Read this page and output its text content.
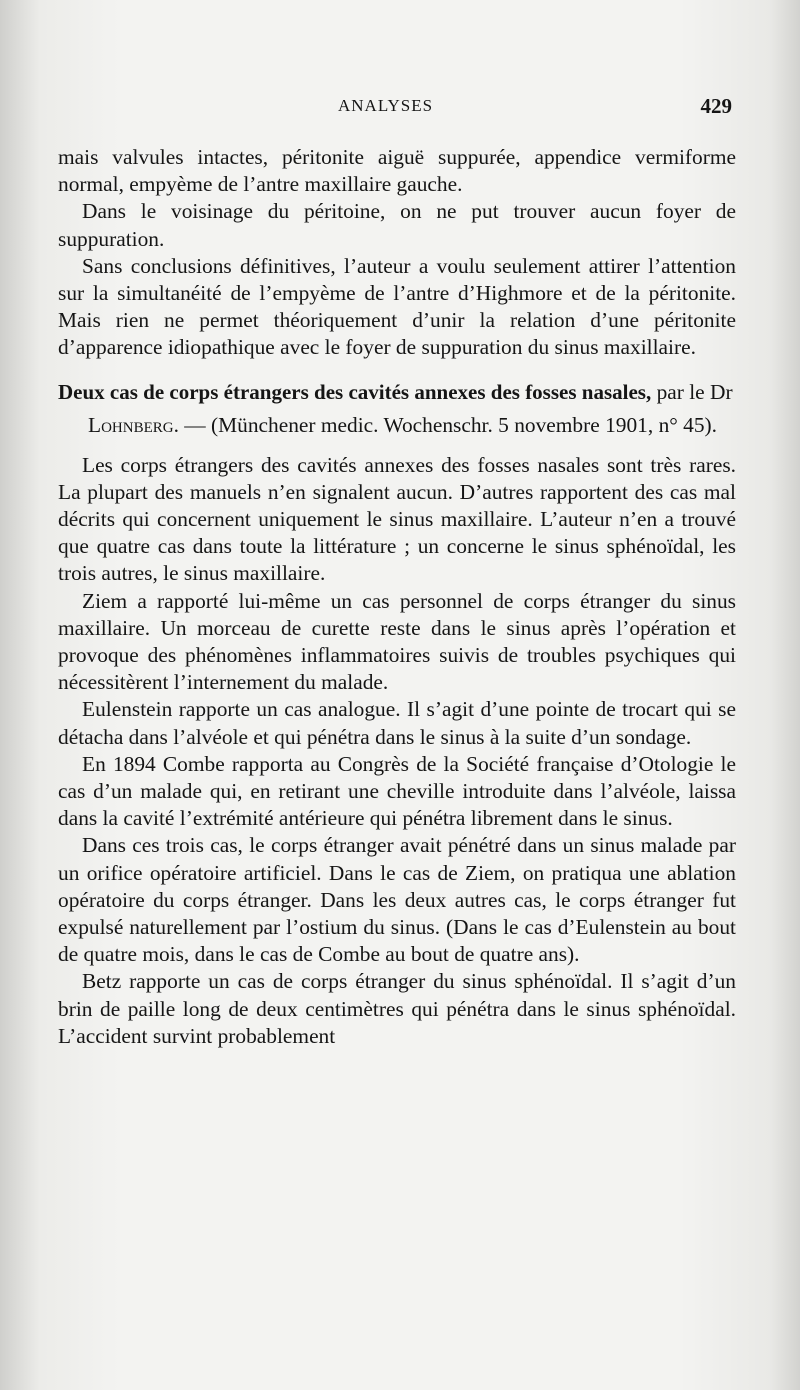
ANALYSES	429

mais valvules intactes, péritonite aiguë suppurée, appendice vermiforme normal, empyème de l’antre maxillaire gauche.

Dans le voisinage du péritoine, on ne put trouver aucun foyer de suppuration.

Sans conclusions définitives, l’auteur a voulu seulement attirer l’attention sur la simultanéité de l’empyème de l’antre d’Highmore et de la péritonite. Mais rien ne permet théoriquement d’unir la relation d’une péritonite d’apparence idiopathique avec le foyer de suppuration du sinus maxillaire.

Deux cas de corps étrangers des cavités annexes des fosses nasales, par le Dr Lohnberg. — (Münchener medic. Wochenschr. 5 novembre 1901, n° 45).

Les corps étrangers des cavités annexes des fosses nasales sont très rares. La plupart des manuels n’en signalent aucun. D’autres rapportent des cas mal décrits qui concernent uniquement le sinus maxillaire. L’auteur n’en a trouvé que quatre cas dans toute la littérature ; un concerne le sinus sphénoïdal, les trois autres, le sinus maxillaire.

Ziem a rapporté lui-même un cas personnel de corps étranger du sinus maxillaire. Un morceau de curette reste dans le sinus après l’opération et provoque des phénomènes inflammatoires suivis de troubles psychiques qui nécessitèrent l’internement du malade.

Eulenstein rapporte un cas analogue. Il s’agit d’une pointe de trocart qui se détacha dans l’alvéole et qui pénétra dans le sinus à la suite d’un sondage.

En 1894 Combe rapporta au Congrès de la Société française d’Otologie le cas d’un malade qui, en retirant une cheville introduite dans l’alvéole, laissa dans la cavité l’extrémité antérieure qui pénétra librement dans le sinus.

Dans ces trois cas, le corps étranger avait pénétré dans un sinus malade par un orifice opératoire artificiel. Dans le cas de Ziem, on pratiqua une ablation opératoire du corps étranger. Dans les deux autres cas, le corps étranger fut expulsé naturellement par l’ostium du sinus. (Dans le cas d’Eulenstein au bout de quatre mois, dans le cas de Combe au bout de quatre ans).

Betz rapporte un cas de corps étranger du sinus sphénoïdal. Il s’agit d’un brin de paille long de deux centimètres qui pénétra dans le sinus sphénoïdal. L’accident survint probablement
